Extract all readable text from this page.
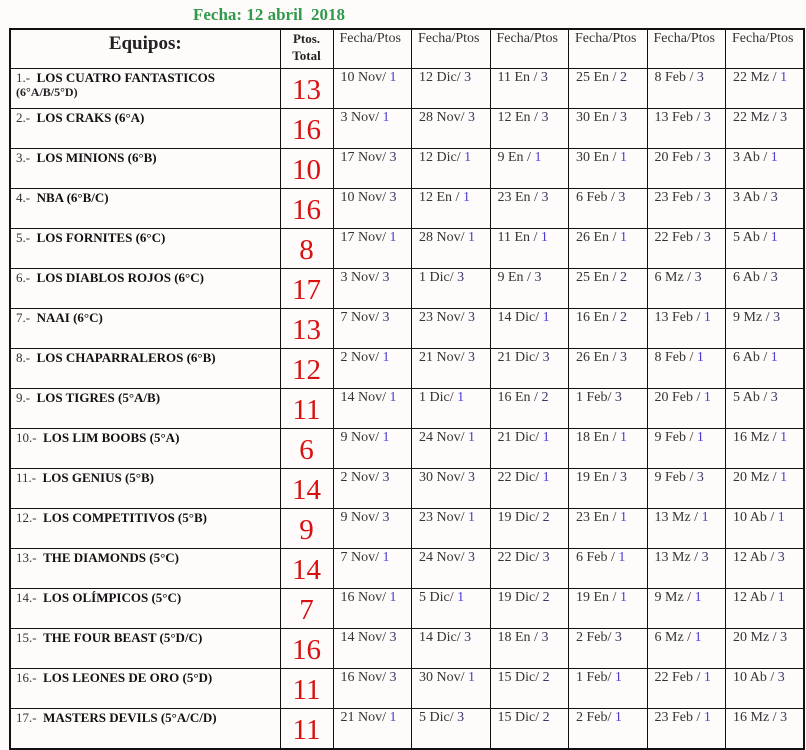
Fecha: 12 abril  2018
Equipos:	Ptos.
Total	Fecha/Ptos	Fecha/Ptos	Fecha/Ptos	Fecha/Ptos	Fecha/Ptos	Fecha/Ptos
1.- LOS CUATRO FANTASTICOS
(6°A/B/5°D)	13	10 Nov/ 1	12 Dic/ 3	11 En / 3	25 En / 2	8 Feb / 3	22 Mz / 1
2.- LOS CRAKS (6°A)	16	3 Nov/ 1	28 Nov/ 3	12 En / 3	30 En / 3	13 Feb / 3	22 Mz / 3
3.- LOS MINIONS (6°B)	10	17 Nov/ 3	12 Dic/ 1	9 En / 1	30 En / 1	20 Feb / 3	3 Ab / 1
4.- NBA (6°B/C)	16	10 Nov/ 3	12 En / 1	23 En / 3	6 Feb / 3	23 Feb / 3	3 Ab / 3
5.- LOS FORNITES (6°C)	8	17 Nov/ 1	28 Nov/ 1	11 En / 1	26 En / 1	22 Feb / 3	5 Ab / 1
6.- LOS DIABLOS ROJOS (6°C)	17	3 Nov/ 3	1 Dic/ 3	9 En / 3	25 En / 2	6 Mz / 3	6 Ab / 3
7.- NAAI (6°C)	13	7 Nov/ 3	23 Nov/ 3	14 Dic/ 1	16 En / 2	13 Feb / 1	9 Mz / 3
8.- LOS CHAPARRALEROS (6°B)	12	2 Nov/ 1	21 Nov/ 3	21 Dic/ 3	26 En / 3	8 Feb / 1	6 Ab / 1
9.- LOS TIGRES (5°A/B)	11	14 Nov/ 1	1 Dic/ 1	16 En / 2	1 Feb/ 3	20 Feb / 1	5 Ab / 3
10.- LOS LIM BOOBS (5°A)	6	9 Nov/ 1	24 Nov/ 1	21 Dic/ 1	18 En / 1	9 Feb / 1	16 Mz / 1
11.- LOS GENIUS (5°B)	14	2 Nov/ 3	30 Nov/ 3	22 Dic/ 1	19 En / 3	9 Feb / 3	20 Mz / 1
12.- LOS COMPETITIVOS (5°B)	9	9 Nov/ 3	23 Nov/ 1	19 Dic/ 2	23 En / 1	13 Mz / 1	10 Ab / 1
13.- THE DIAMONDS (5°C)	14	7 Nov/ 1	24 Nov/ 3	22 Dic/ 3	6 Feb / 1	13 Mz / 3	12 Ab / 3
14.- LOS OLÍMPICOS (5°C)	7	16 Nov/ 1	5 Dic/ 1	19 Dic/ 2	19 En / 1	9 Mz / 1	12 Ab / 1
15.- THE FOUR BEAST (5°D/C)	16	14 Nov/ 3	14 Dic/ 3	18 En / 3	2 Feb/ 3	6 Mz / 1	20 Mz / 3
16.- LOS LEONES DE ORO (5°D)	11	16 Nov/ 3	30 Nov/ 1	15 Dic/ 2	1 Feb/ 1	22 Feb / 1	10 Ab / 3
17.- MASTERS DEVILS (5°A/C/D)	11	21 Nov/ 1	5 Dic/ 3	15 Dic/ 2	2 Feb/ 1	23 Feb / 1	16 Mz / 3
